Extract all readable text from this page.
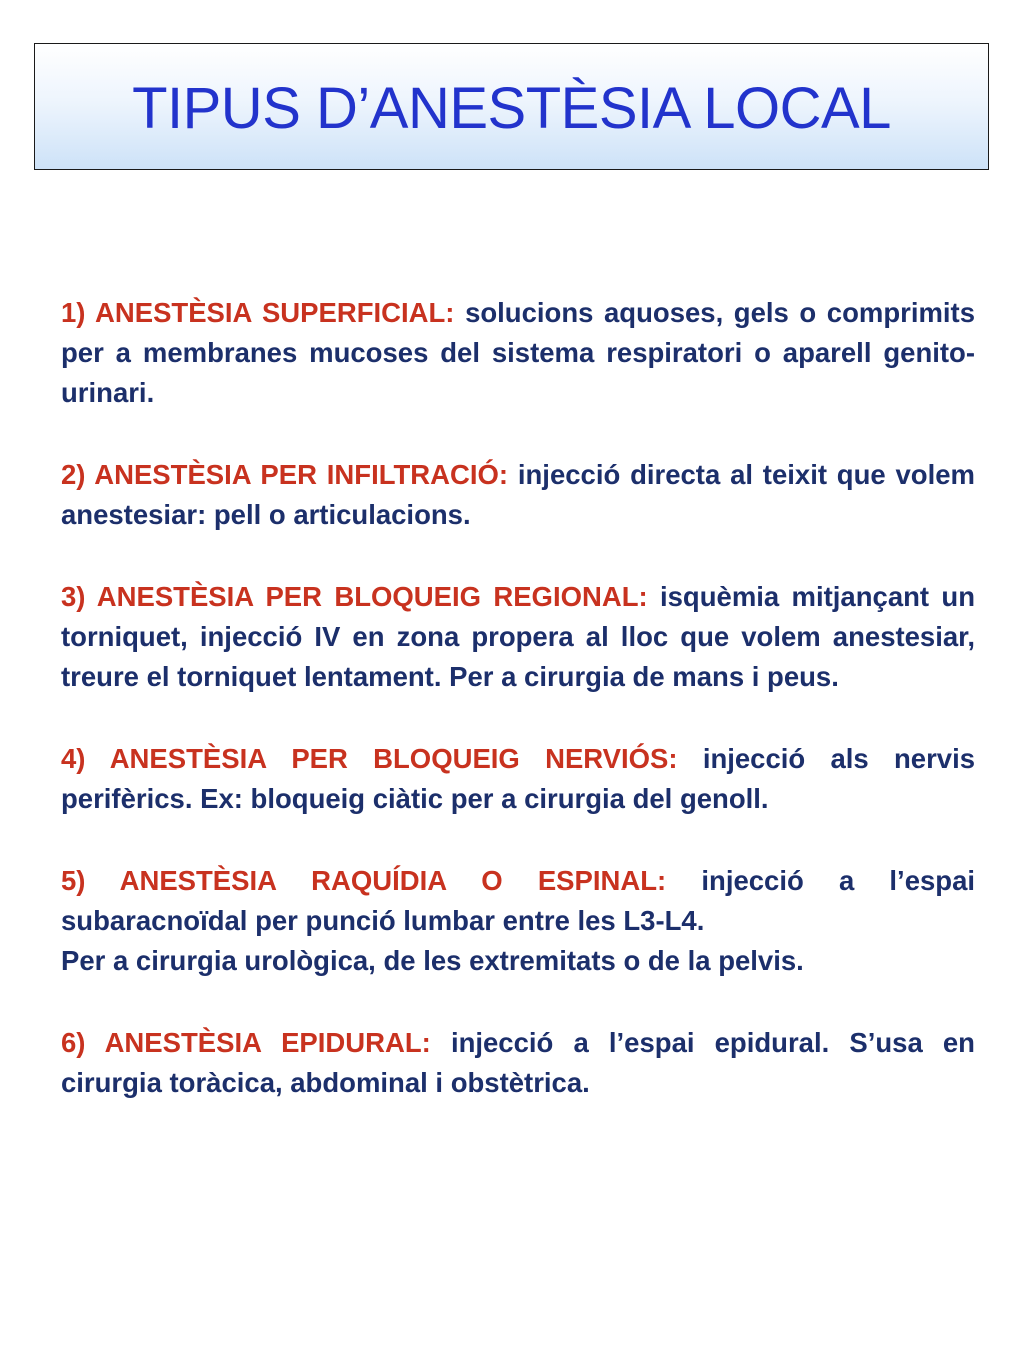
TIPUS D’ANESTÈSIA LOCAL

1) ANESTÈSIA SUPERFICIAL: solucions aquoses, gels o comprimits per a membranes mucoses del sistema respiratori o aparell genito-urinari.

2) ANESTÈSIA PER INFILTRACIÓ: injecció directa al teixit que volem anestesiar: pell o articulacions.

3) ANESTÈSIA PER BLOQUEIG REGIONAL: isquèmia mitjançant un torniquet, injecció IV en zona propera al lloc que volem anestesiar, treure el torniquet lentament. Per a cirurgia de mans i peus.

4) ANESTÈSIA PER BLOQUEIG NERVIÓS: injecció als nervis perifèrics. Ex: bloqueig ciàtic per a cirurgia del genoll.

5) ANESTÈSIA RAQUÍDIA O ESPINAL: injecció a l’espai subaracnoïdal per punció lumbar entre les L3-L4.

Per a cirurgia urològica, de les extremitats o de la pelvis.

6) ANESTÈSIA EPIDURAL: injecció a l’espai epidural. S’usa en cirurgia toràcica, abdominal i obstètrica.
